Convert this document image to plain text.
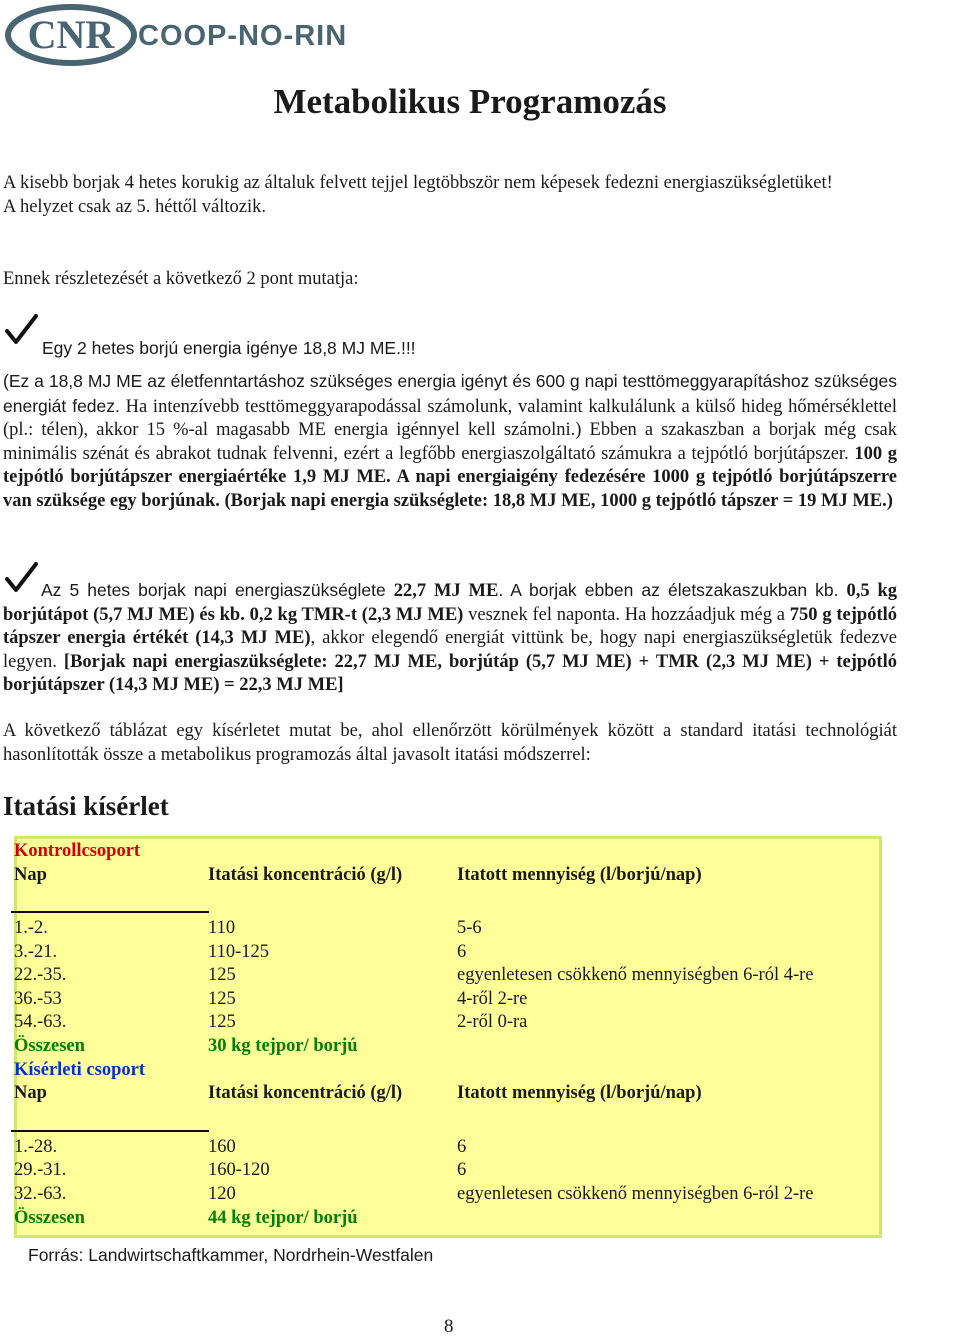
CNR COOP-NO-RIN
Metabolikus Programozás
A kisebb borjak 4 hetes korukig az általuk felvett tejjel legtöbbször nem képesek fedezni energiaszükségletüket!
A helyzet csak az 5. héttől változik.
Ennek részletezését a következő 2 pont mutatja:
Egy 2 hetes borjú energia igénye 18,8 MJ ME.!!!
(Ez a 18,8 MJ ME az életfenntartáshoz szükséges energia igényt és 600 g napi testtömeggyarapításhoz szükséges energiát fedez. Ha intenzívebb testtömeggyarapodással számolunk, valamint kalkulálunk a külső hideg hőmérséklettel (pl.: télen), akkor 15 %-al magasabb ME energia igénnyel kell számolni.) Ebben a szakaszban a borjak még csak minimális szénát és abrakot tudnak felvenni, ezért a legfőbb energiaszolgáltató számukra a tejpótló borjútápszer. 100 g tejpótló borjútápszer energiaértéke 1,9 MJ ME. A napi energiaigény fedezésére 1000 g tejpótló borjútápszerre van szüksége egy borjúnak. (Borjak napi energia szükséglete: 18,8 MJ ME, 1000 g tejpótló tápszer = 19 MJ ME.)
Az 5 hetes borjak napi energiaszükséglete 22,7 MJ ME. A borjak ebben az életszakaszukban kb. 0,5 kg borjútápot (5,7 MJ ME) és kb. 0,2 kg TMR-t (2,3 MJ ME) vesznek fel naponta. Ha hozzáadjuk még a 750 g tejpótló tápszer energia értékét (14,3 MJ ME), akkor elegendő energiát vittünk be, hogy napi energiaszükségletük fedezve legyen. [Borjak napi energiaszükséglete: 22,7 MJ ME, borjútáp (5,7 MJ ME) + TMR (2,3 MJ ME) + tejpótló borjútápszer (14,3 MJ ME) = 22,3 MJ ME]
A következő táblázat egy kísérletet mutat be, ahol ellenőrzött körülmények között a standard itatási technológiát hasonlították össze a metabolikus programozás által javasolt itatási módszerrel:
Itatási kísérlet
Kontrollcsoport
Nap	Itatási koncentráció (g/l)	Itatott mennyiség (l/borjú/nap)
1.-2.	110	5-6
3.-21.	110-125	6
22.-35.	125	egyenletesen csökkenő mennyiségben 6-ról 4-re
36.-53	125	4-ről 2-re
54.-63.	125	2-ről 0-ra
Összesen	30 kg tejpor/ borjú
Kísérleti csoport
Nap	Itatási koncentráció (g/l)	Itatott mennyiség (l/borjú/nap)
1.-28.	160	6
29.-31.	160-120	6
32.-63.	120	egyenletesen csökkenő mennyiségben 6-ról 2-re
Összesen	44 kg tejpor/ borjú
Forrás: Landwirtschaftkammer, Nordrhein-Westfalen
8
